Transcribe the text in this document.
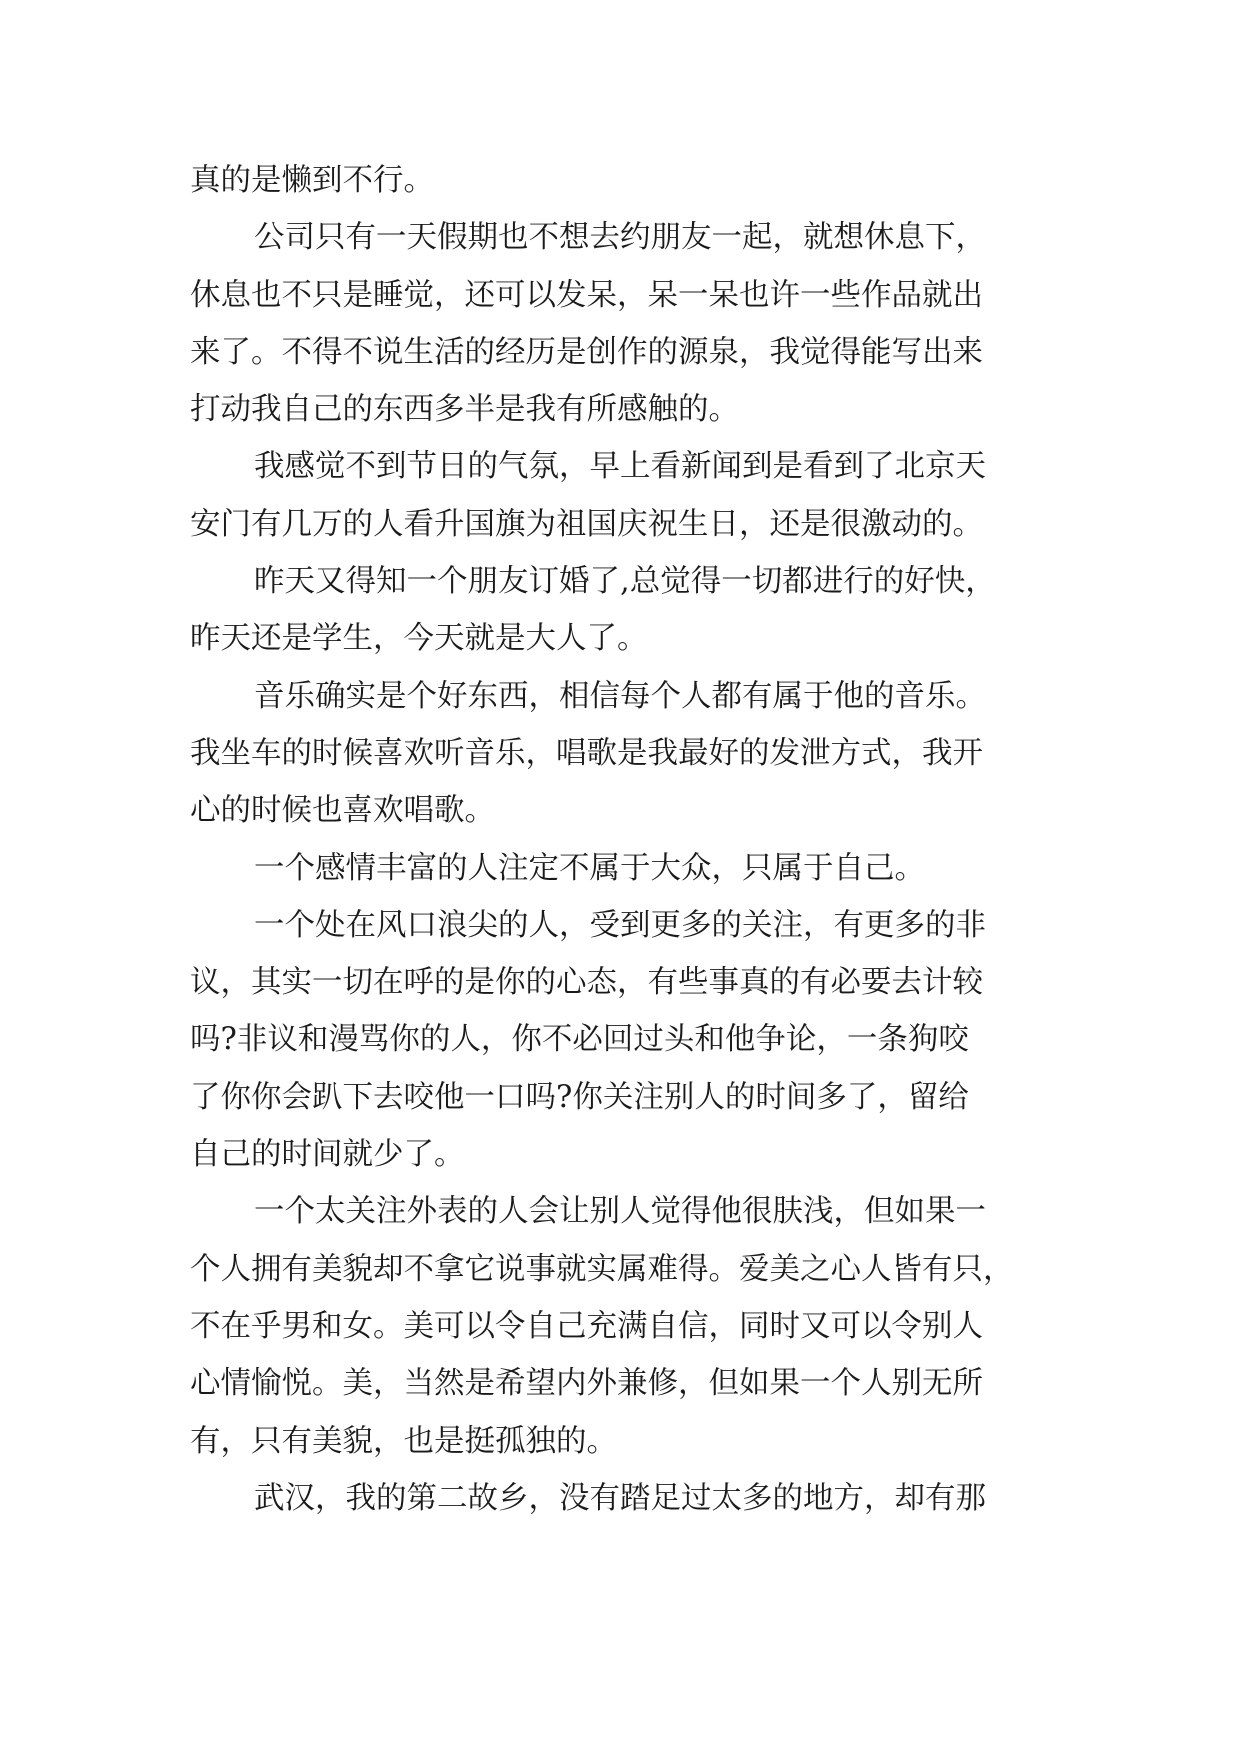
真的是懒到不行。
公司只有一天假期也不想去约朋友一起，就想休息下，
休息也不只是睡觉，还可以发呆，呆一呆也许一些作品就出
来了。不得不说生活的经历是创作的源泉，我觉得能写出来
打动我自己的东西多半是我有所感触的。
我感觉不到节日的气氛，早上看新闻到是看到了北京天
安门有几万的人看升国旗为祖国庆祝生日，还是很激动的。
昨天又得知一个朋友订婚了,总觉得一切都进行的好快，
昨天还是学生，今天就是大人了。
音乐确实是个好东西，相信每个人都有属于他的音乐。
我坐车的时候喜欢听音乐，唱歌是我最好的发泄方式，我开
心的时候也喜欢唱歌。
一个感情丰富的人注定不属于大众，只属于自己。
一个处在风口浪尖的人，受到更多的关注，有更多的非
议，其实一切在呼的是你的心态，有些事真的有必要去计较
吗?非议和漫骂你的人，你不必回过头和他争论，一条狗咬
了你你会趴下去咬他一口吗?你关注别人的时间多了，留给
自己的时间就少了。
一个太关注外表的人会让别人觉得他很肤浅，但如果一
个人拥有美貌却不拿它说事就实属难得。爱美之心人皆有只，
不在乎男和女。美可以令自己充满自信，同时又可以令别人
心情愉悦。美，当然是希望内外兼修，但如果一个人别无所
有，只有美貌，也是挺孤独的。
武汉，我的第二故乡，没有踏足过太多的地方，却有那
